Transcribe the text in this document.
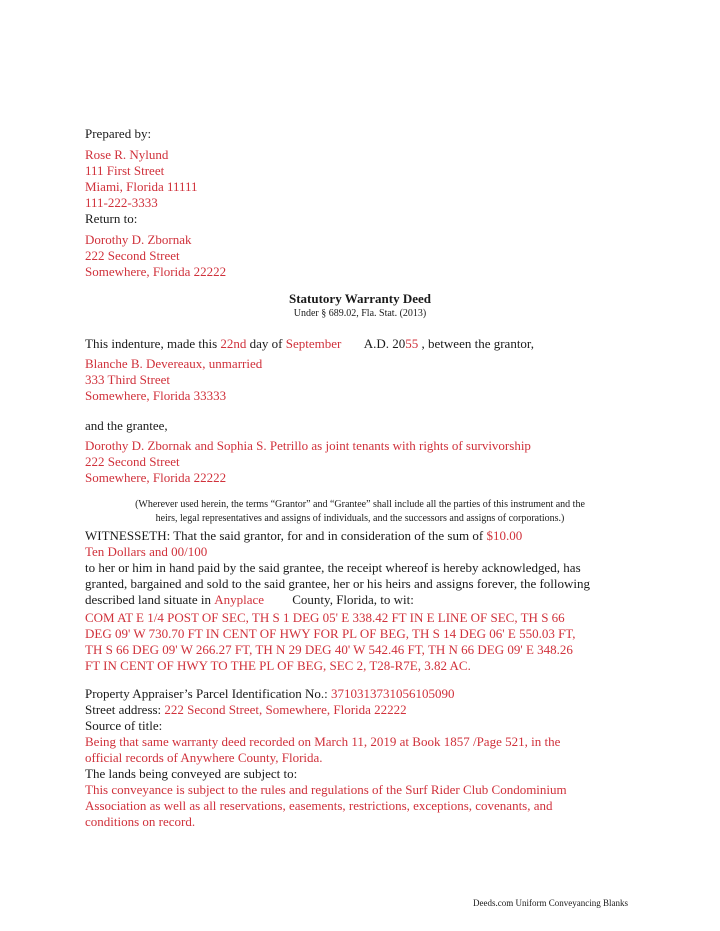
Prepared by:
Rose R. Nylund
111 First Street
Miami, Florida 11111
111-222-3333
Return to:
Dorothy D. Zbornak
222 Second Street
Somewhere, Florida 22222
Statutory Warranty Deed
Under § 689.02, Fla. Stat. (2013)
This indenture, made this 22nd day of September A.D. 2055 , between the grantor,
Blanche B. Devereaux, unmarried
333 Third Street
Somewhere, Florida 33333
and the grantee,
Dorothy D. Zbornak and Sophia S. Petrillo as joint tenants with rights of survivorship
222 Second Street
Somewhere, Florida 22222
(Wherever used herein, the terms “Grantor” and “Grantee” shall include all the parties of this instrument and the
heirs, legal representatives and assigns of individuals, and the successors and assigns of corporations.)
WITNESSETH: That the said grantor, for and in consideration of the sum of $10.00
Ten Dollars and 00/100
to her or him in hand paid by the said grantee, the receipt whereof is hereby acknowledged, has
granted, bargained and sold to the said grantee, her or his heirs and assigns forever, the following
described land situate in Anyplace County, Florida, to wit:
COM AT E 1/4 POST OF SEC, TH S 1 DEG 05' E 338.42 FT IN E LINE OF SEC, TH S 66
DEG 09' W 730.70 FT IN CENT OF HWY FOR PL OF BEG, TH S 14 DEG 06' E 550.03 FT,
TH S 66 DEG 09' W 266.27 FT, TH N 29 DEG 40' W 542.46 FT, TH N 66 DEG 09' E 348.26
FT IN CENT OF HWY TO THE PL OF BEG, SEC 2, T28-R7E, 3.82 AC.
Property Appraiser’s Parcel Identification No.: 3710313731056105090
Street address: 222 Second Street, Somewhere, Florida 22222
Source of title:
Being that same warranty deed recorded on March 11, 2019 at Book 1857 /Page 521, in the
official records of Anywhere County, Florida.
The lands being conveyed are subject to:
This conveyance is subject to the rules and regulations of the Surf Rider Club Condominium
Association as well as all reservations, easements, restrictions, exceptions, covenants, and
conditions on record.
Deeds.com Uniform Conveyancing Blanks
